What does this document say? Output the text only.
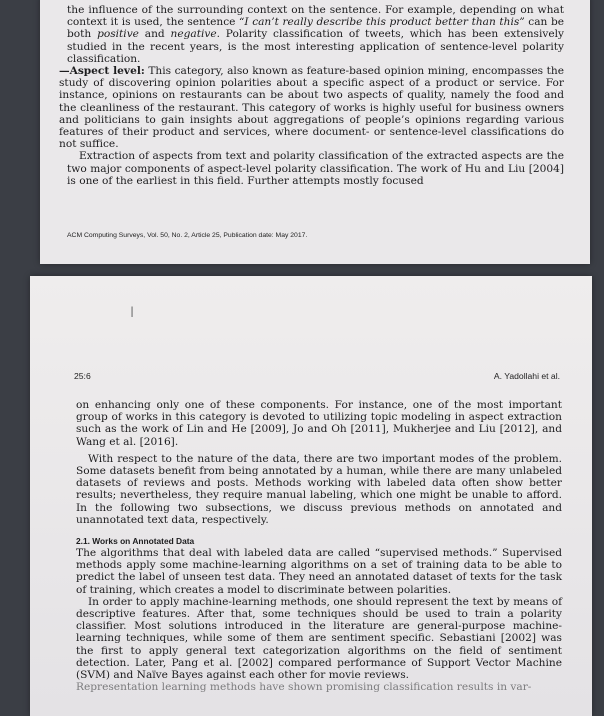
the influence of the surrounding context on the sentence. For example, depending on what context it is used, the sentence “I can’t really describe this product better than this” can be both positive and negative. Polarity classification of tweets, which has been extensively studied in the recent years, is the most interesting application of sentence-level polarity classification.

—Aspect level: This category, also known as feature-based opinion mining, encompasses the study of discovering opinion polarities about a specific aspect of a product or service. For instance, opinions on restaurants can be about two aspects of quality, namely the food and the cleanliness of the restaurant. This category of works is highly useful for business owners and politicians to gain insights about aggregations of people’s opinions regarding various features of their product and services, where document- or sentence-level classifications do not suffice.

Extraction of aspects from text and polarity classification of the extracted aspects are the two major components of aspect-level polarity classification. The work of Hu and Liu [2004] is one of the earliest in this field. Further attempts mostly focused

ACM Computing Surveys, Vol. 50, No. 2, Article 25, Publication date: May 2017.
I
25:6	A. Yadollahi et al.

on enhancing only one of these components. For instance, one of the most important group of works in this category is devoted to utilizing topic modeling in aspect extraction such as the work of Lin and He [2009], Jo and Oh [2011], Mukherjee and Liu [2012], and Wang et al. [2016].

With respect to the nature of the data, there are two important modes of the problem. Some datasets benefit from being annotated by a human, while there are many unlabeled datasets of reviews and posts. Methods working with labeled data often show better results; nevertheless, they require manual labeling, which one might be unable to afford. In the following two subsections, we discuss previous methods on annotated and unannotated text data, respectively.

2.1. Works on Annotated Data

The algorithms that deal with labeled data are called “supervised methods.” Supervised methods apply some machine-learning algorithms on a set of training data to be able to predict the label of unseen test data. They need an annotated dataset of texts for the task of training, which creates a model to discriminate between polarities.

In order to apply machine-learning methods, one should represent the text by means of descriptive features. After that, some techniques should be used to train a polarity classifier. Most solutions introduced in the literature are general-purpose machine-learning techniques, while some of them are sentiment specific. Sebastiani [2002] was the first to apply general text categorization algorithms on the field of sentiment detection. Later, Pang et al. [2002] compared performance of Support Vector Machine (SVM) and Naïve Bayes against each other for movie reviews.

Representation learning methods have shown promising classification results in var-
